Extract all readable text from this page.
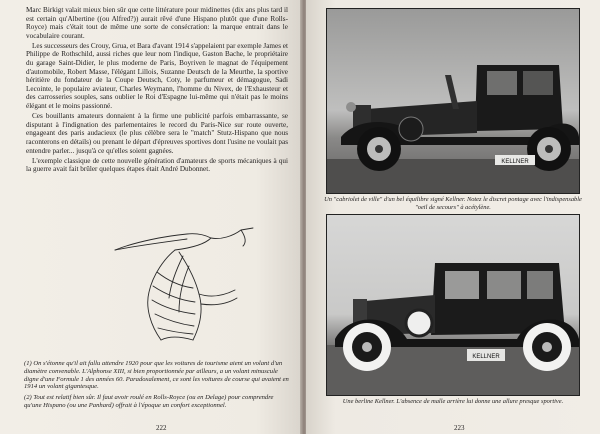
Marc Birkigt valait mieux bien sûr que cette littérature pour midinettes (dix ans plus tard il est certain qu'Albertine ((ou Alfred?)) aurait rêvé d'une Hispano plutôt que d'une Rolls-Royce) mais c'était tout de même une sorte de consécration: la marque entrait dans le vocabulaire courant.

Les successeurs des Crouy, Grua, et Bara d'avant 1914 s'appelaient par exemple James et Philippe de Rothschild, aussi riches que leur nom l'indique, Gaston Bache, le propriétaire du garage Saint-Didier, le plus moderne de Paris, Boyriven le magnat de l'équipement d'automobile, Robert Masse, l'élégant Lillois, Suzanne Deutsch de la Meurthe, la sportive héritière du fondateur de la Coupe Deutsch, Coty, le parfumeur et démagogue, Sadi Lecointe, le populaire aviateur, Charles Weymann, l'homme du Nivex, de l'Exhausteur et des carrosseries souples, sans oublier le Roi d'Espagne lui-même qui n'était pas le moins élégant et le moins passionné.

Ces bouillants amateurs donnaient à la firme une publicité parfois embarrassante, se disputant à l'indignation des parlementaires le record du Paris-Nice sur route ouverte, engageant des paris audacieux (le plus célèbre sera le "match" Stutz-Hispano que nous raconterons en détails) ou prenant le départ d'épreuves sportives dont l'usine ne voulait pas entendre parler... jusqu'à ce qu'elles soient gagnées.

L'exemple classique de cette nouvelle génération d'amateurs de sports mécaniques à qui la guerre avait fait brûler quelques étapes était André Dubonnet.

(1) On s'étonne qu'il ait fallu attendre 1920 pour que les voitures de tourisme aient un volant d'un diamètre convenable. L'Alphonse XIII, si bien proportionnée par ailleurs, a un volant minuscule digne d'une Formule 1 des années 60. Paradoxalement, ce sont les voitures de course qui avaient en 1914 un volant gigantesque.

(2) Tout est relatif bien sûr. Il faut avoir roulé en Rolls-Royce (ou en Delage) pour comprendre qu'une Hispano (ou une Panhard) offrait à l'époque un confort exceptionnel.

222
KELLNER
Un "cabriolet de ville" d'un bel équilibre signé Kellner. Notez le discret pontage avec l'indispensable "oeil de secours" à acétylène.
KELLNER
Une berline Kellner. L'absence de malle arrière lui donne une allure presque sportive.
223
